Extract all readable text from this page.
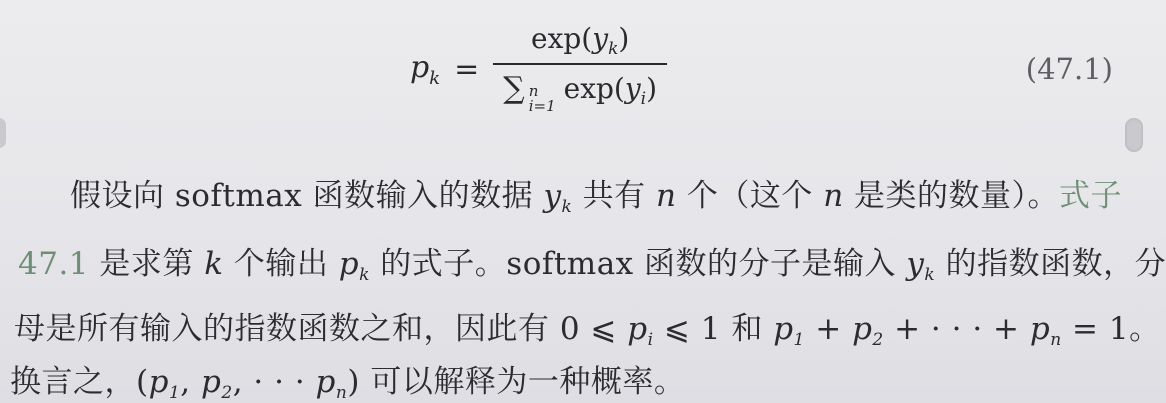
$p_k$ =
$\exp(y_k)$
∑ n
i=1
$\exp(y_i)$
(47.1)
假设向 softmax 函数输入的数据 yk 共有 n 个（这个 n 是类的数量）。式子
47.1 是求第 k 个输出 pk 的式子。softmax 函数的分子是输入 yk 的指数函数，分
母是所有输入的指数函数之和，因此有 0 ⩽ pi ⩽ 1 和 p1 + p2 + · · · + pn = 1。
换言之，(p1, p2, · · · pn) 可以解释为一种概率。
